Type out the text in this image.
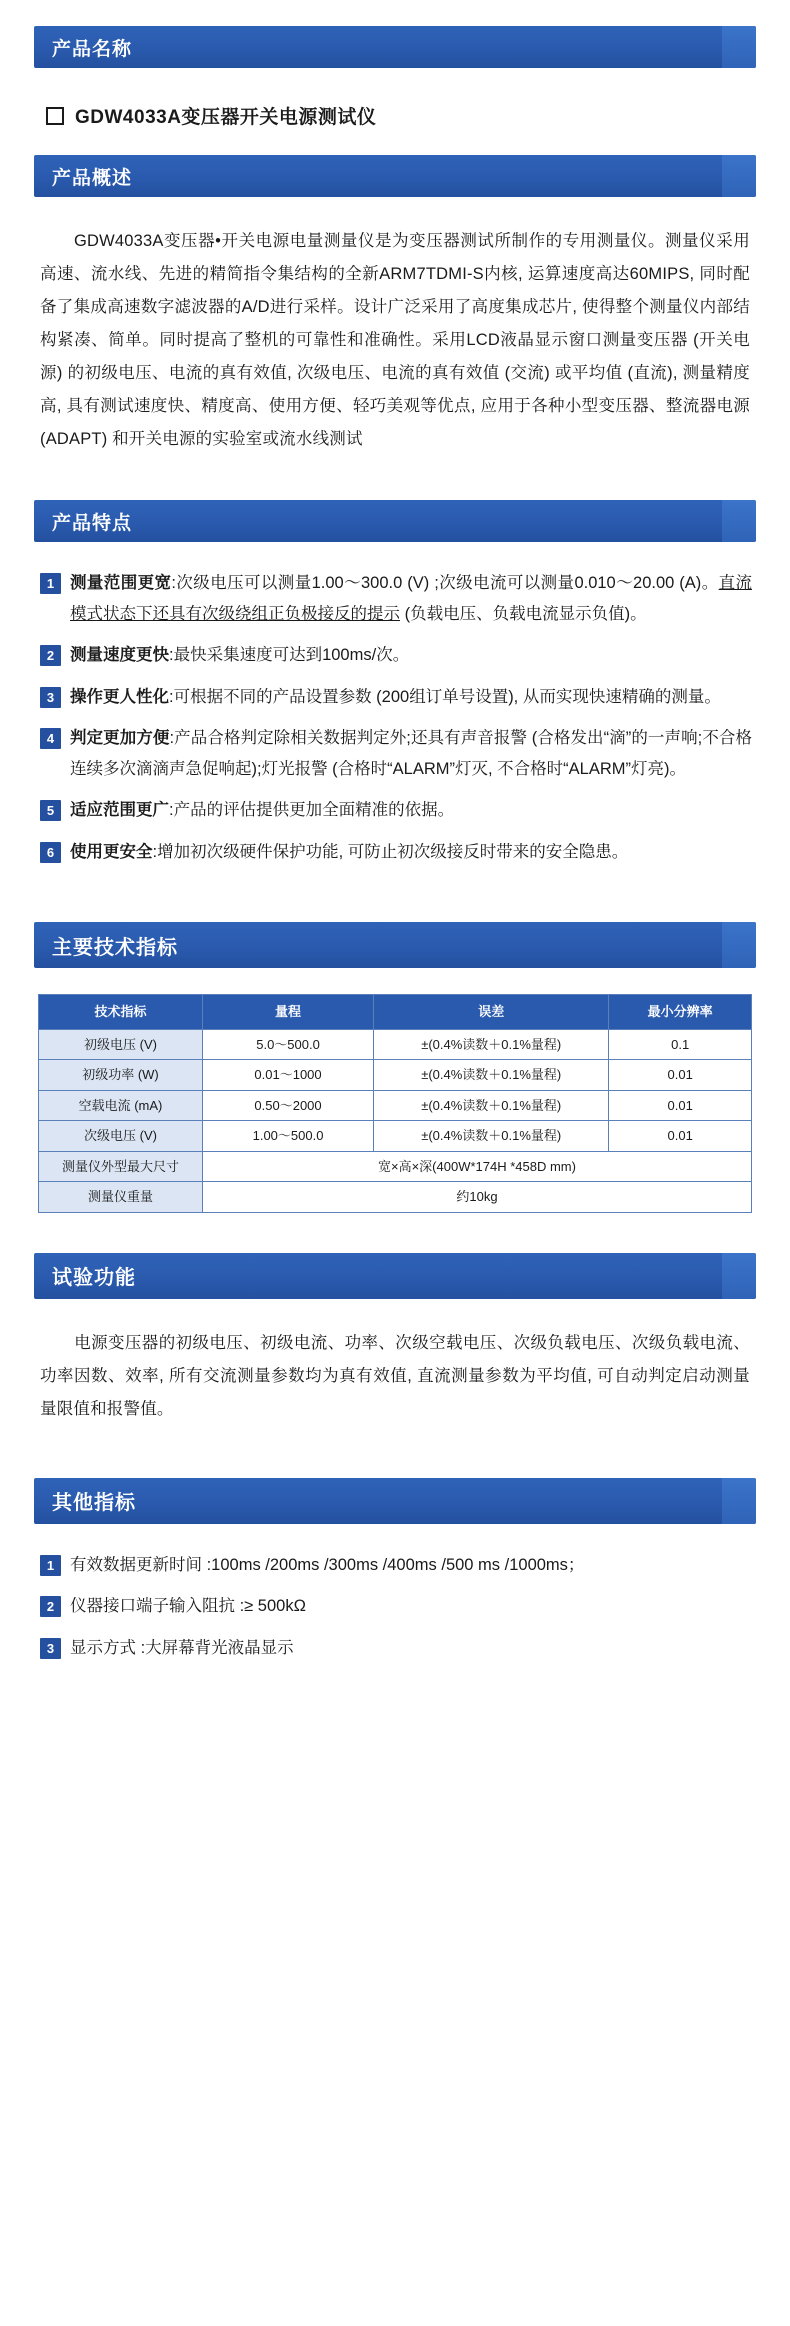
产品名称
GDW4033A变压器开关电源测试仪
产品概述
GDW4033A变压器•开关电源电量测量仪是为变压器测试所制作的专用测量仪。测量仪采用高速、流水线、先进的精简指令集结构的全新ARM7TDMI-S内核, 运算速度高达60MIPS, 同时配备了集成高速数字滤波器的A/D进行采样。设计广泛采用了高度集成芯片, 使得整个测量仪内部结构紧凑、简单。同时提高了整机的可靠性和准确性。采用LCD液晶显示窗口测量变压器 (开关电源) 的初级电压、电流的真有效值, 次级电压、电流的真有效值 (交流) 或平均值 (直流), 测量精度高, 具有测试速度快、精度高、使用方便、轻巧美观等优点, 应用于各种小型变压器、整流器电源 (ADAPT) 和开关电源的实验室或流水线测试
产品特点
1 测量范围更宽:次级电压可以测量1.00～300.0 (V) ;次级电流可以测量0.010～20.00 (A)。直流模式状态下还具有次级绕组正负极接反的提示 (负载电压、负载电流显示负值)。
2 测量速度更快:最快采集速度可达到100ms/次。
3 操作更人性化:可根据不同的产品设置参数 (200组订单号设置), 从而实现快速精确的测量。
4 判定更加方便:产品合格判定除相关数据判定外;还具有声音报警 (合格发出“滴”的一声响;不合格连续多次滴滴声急促响起);灯光报警 (合格时“ALARM”灯灭, 不合格时“ALARM”灯亮)。
5 适应范围更广:产品的评估提供更加全面精准的依据。
6 使用更安全:增加初次级硬件保护功能, 可防止初次级接反时带来的安全隐患。
主要技术指标
技术指标	量程	误差	最小分辨率
初级电压 (V)	5.0～500.0	±(0.4%读数＋0.1%量程)	0.1
初级功率 (W)	0.01～1000	±(0.4%读数＋0.1%量程)	0.01
空载电流 (mA)	0.50～2000	±(0.4%读数＋0.1%量程)	0.01
次级电压 (V)	1.00～500.0	±(0.4%读数＋0.1%量程)	0.01
测量仪外型最大尺寸	宽×高×深(400W*174H *458D mm)		
测量仪重量	约10kg		
试验功能
电源变压器的初级电压、初级电流、功率、次级空载电压、次级负载电压、次级负载电流、功率因数、效率, 所有交流测量参数均为真有效值, 直流测量参数为平均值, 可自动判定启动测量量限值和报警值。
其他指标
1 有效数据更新时间 :100ms /200ms /300ms /400ms /500 ms /1000ms；
2 仪器接口端子输入阻抗 :≥ 500kΩ
3 显示方式 :大屏幕背光液晶显示
